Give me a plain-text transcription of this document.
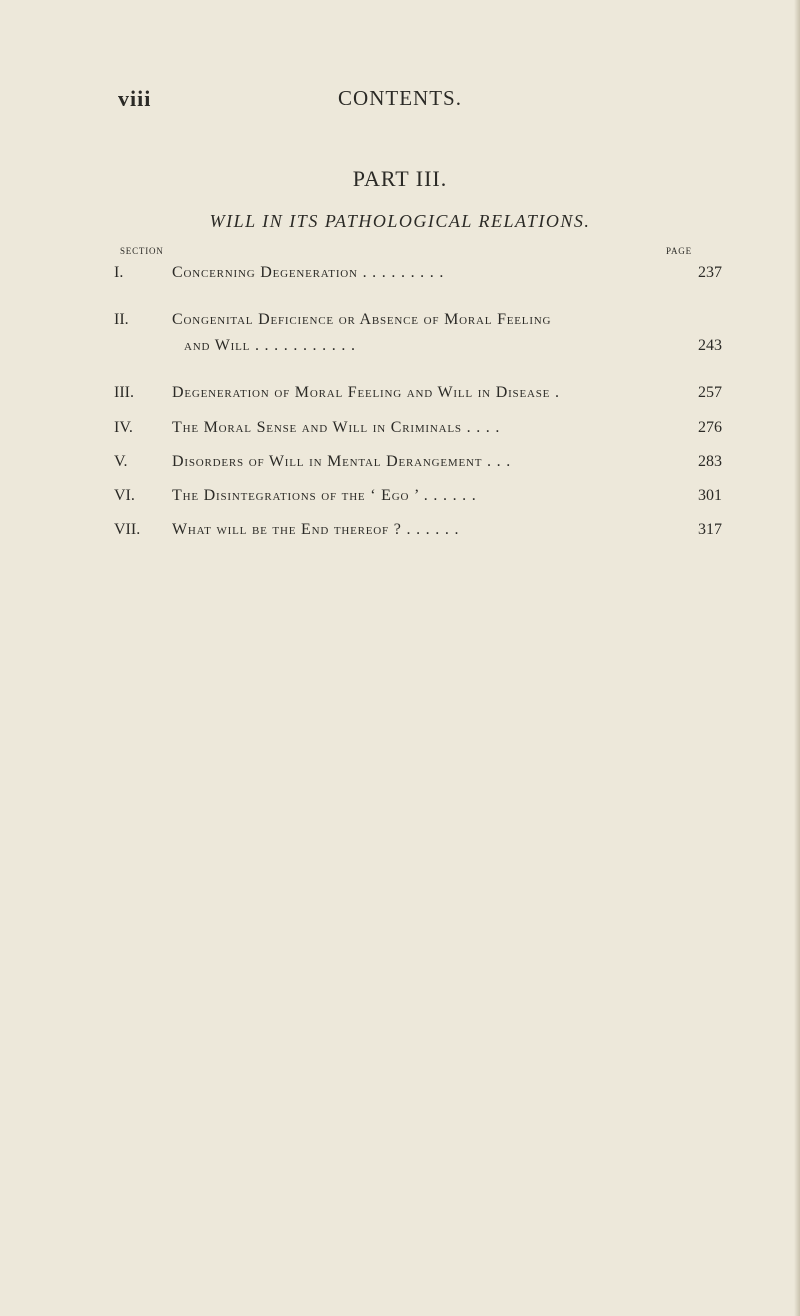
viii	CONTENTS.
PART III.
WILL IN ITS PATHOLOGICAL RELATIONS.
SECTION	PAGE
I.	Concerning Degeneration . . . . . . . . .	237
II.	Congenital Deficience or Absence of Moral Feeling
and Will . . . . . . . . . . .	243
III.	Degeneration of Moral Feeling and Will in Disease .	257
IV.	The Moral Sense and Will in Criminals . . . .	276
V.	Disorders of Will in Mental Derangement . . .	283
VI.	The Disintegrations of the ‘ Ego ’ . . . . . .	301
VII.	What will be the End thereof ? . . . . . .	317
